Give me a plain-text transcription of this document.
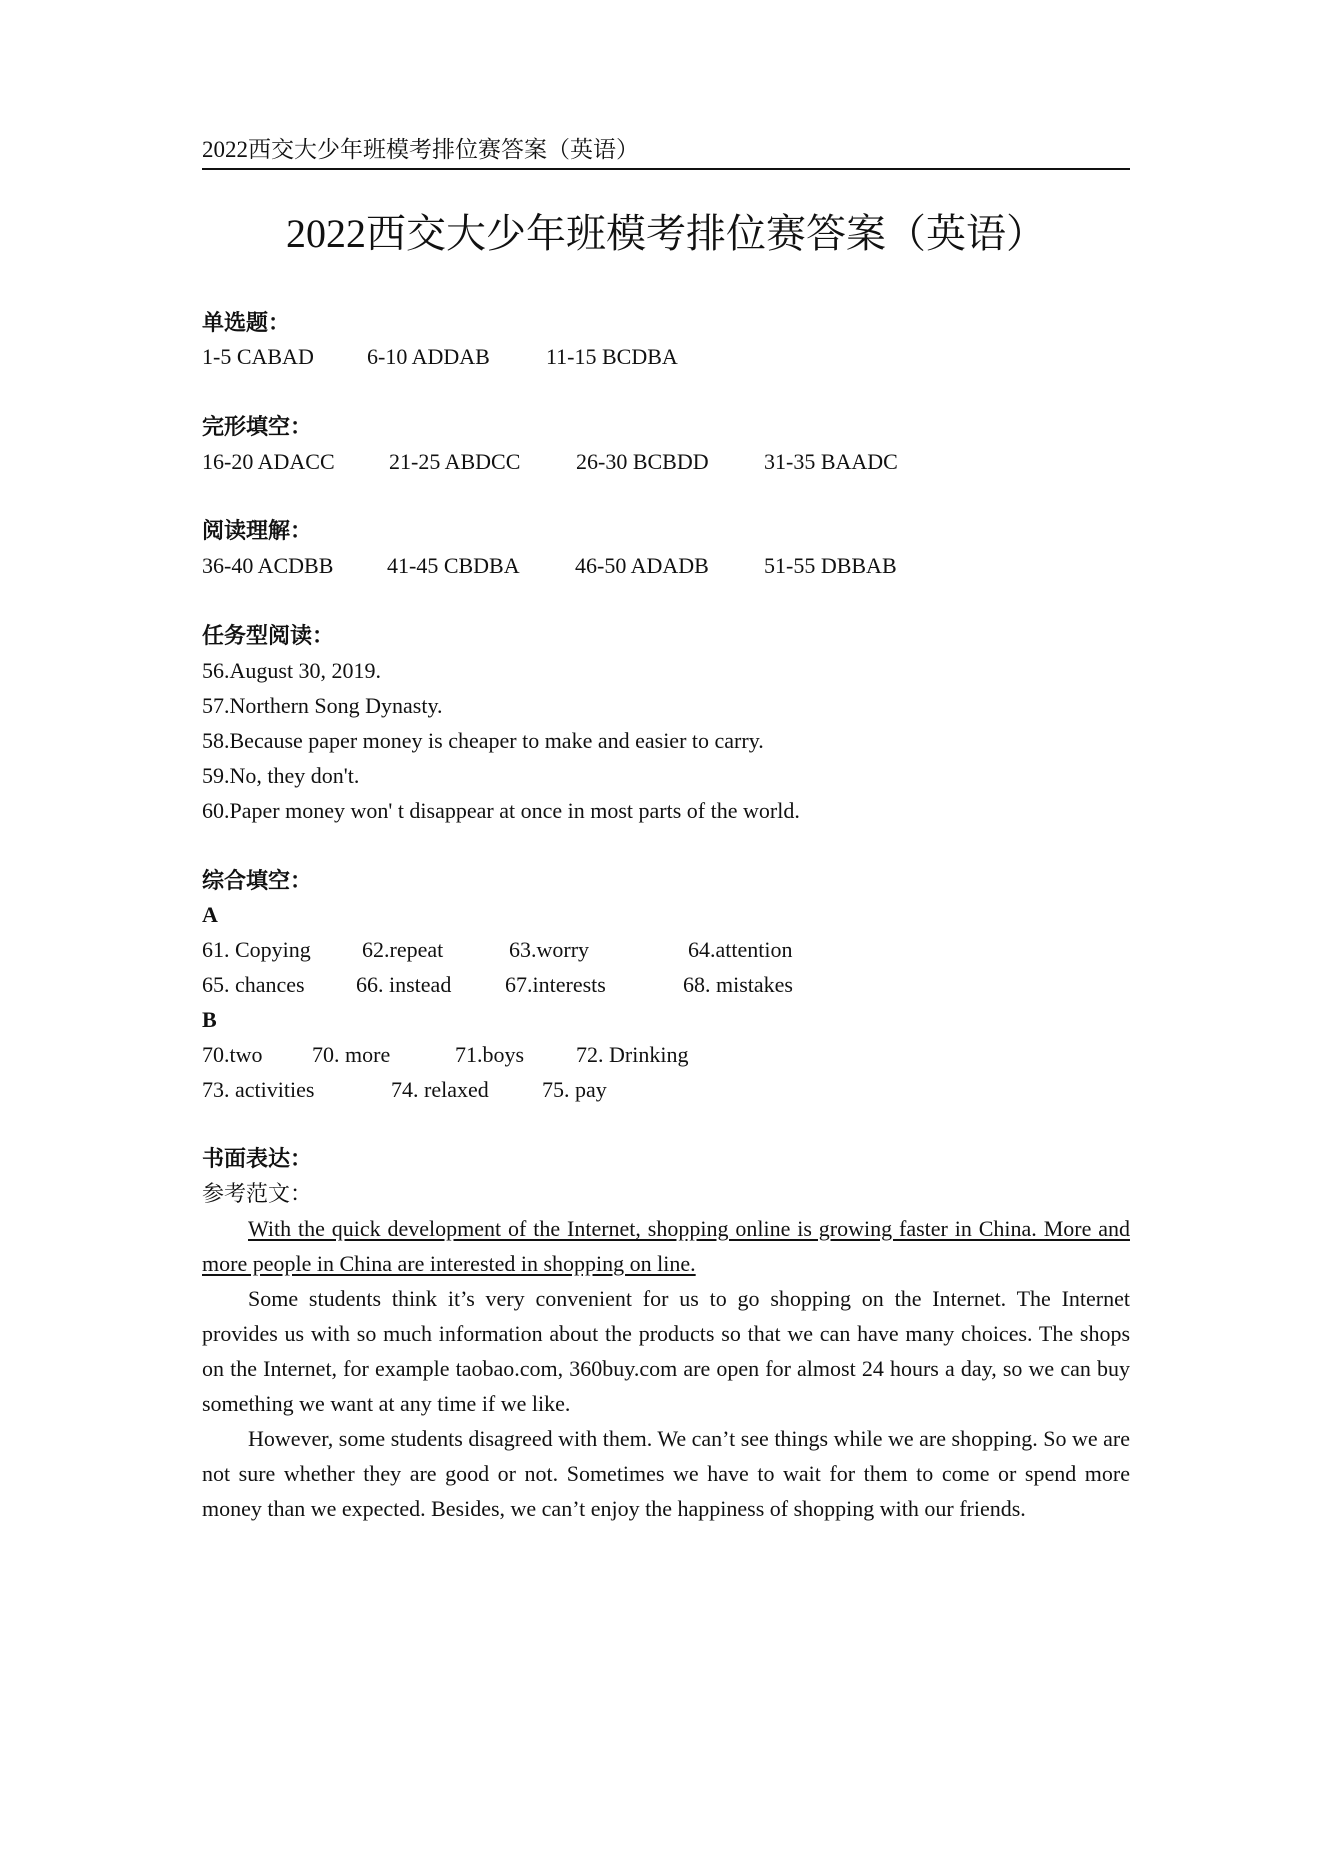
2022西交大少年班模考排位赛答案（英语）
2022西交大少年班模考排位赛答案（英语）
单选题：
1-5 CABAD 6-10 ADDAB	11-15 BCDBA
完形填空：
16-20 ADACC 21-25 ABDCC	26-30 BCBDD	31-35 BAADC
阅读理解：
36-40 ACDBB 41-45 CBDBA	46-50 ADADB	51-55 DBBAB
任务型阅读：
56.August 30, 2019.
57.Northern Song Dynasty.
58.Because paper money is cheaper to make and easier to carry.
59.No, they don't.
60.Paper money won' t disappear at once in most parts of the world.
综合填空：
A
61. Copying 62.repeat	63.worry	64.attention
65. chances 66. instead 67.interests	68. mistakes
B
70.two 70. more	71.boys 72. Drinking
73. activities	74. relaxed 75. pay
书面表达：
参考范文：

With the quick development of the Internet, shopping online is growing faster in China. More and more people in China are interested in shopping on line.

Some students think it’s very convenient for us to go shopping on the Internet. The Internet provides us with so much information about the products so that we can have many choices. The shops on the Internet, for example taobao.com, 360buy.com are open for almost 24 hours a day, so we can buy something we want at any time if we like.

However, some students disagreed with them. We can’t see things while we are shopping. So we are not sure whether they are good or not. Sometimes we have to wait for them to come or spend more money than we expected. Besides, we can’t enjoy the happiness of shopping with our friends.
